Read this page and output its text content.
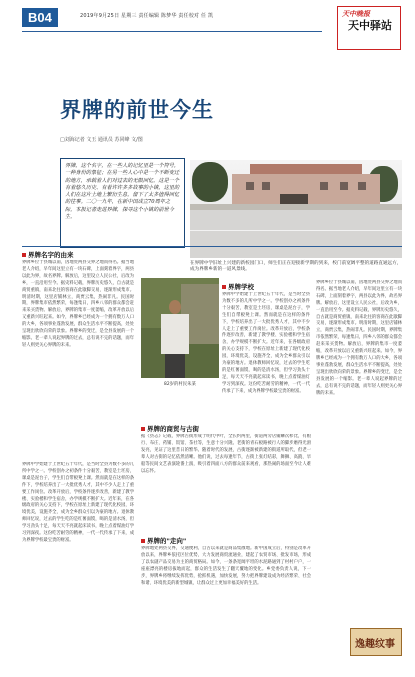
B04	2019年9月25日 星期三 责任编辑 陈梦华 责任校对 任 凯	天中晚报
天中驿站
界牌的前世今生
□刘海记者 文玉 通讯员 苏同峰 文/图
界牌，这个名字，在一些人的记忆里是一个符号，一种身份的象征；在另一些人心中是一个不断变迁的地方，承载着人们对过去的无限回忆。这是一个有着悠久历史、有着许许多多故事的小镇，这里的人们在这片土地上繁衍生息，留下了太多值得回忆的往事。二〇一九年，在新中国成立70周年之际，本报记者走进界牌，探寻这个小镇的前世今生。
在界牌中学旧址上兴建的新校园门口，师生们正在迎接新学期的到来，校门前宽阔平整的道路直通远方，成为界牌乡新的一道风景线。
界牌名字的由来
界牌乡位于县城以南，因地处两县交界之地而得名。据当地老人介绍，早年间这里立有一块石碑，上面刻着界字，两县以此为界，故名界牌。解放后，这里设立人民公社，后改为乡，一直沿用至今。据史料记载，界牌历史悠久，自古就是商贸重镇，南来北往的客商在此歇脚交易，逐渐形成集市。明清时期，这里店铺林立，商贾云集，热闹非凡。民国时期，界牌集市依然繁荣，每逢集日，四乡八邻的群众都会赶来采买货物。解放后，界牌的集市一度萎缩，改革开放以后又重新兴旺起来。如今，界牌乡已经成为一个拥有数万人口的大乡，各项事业蓬勃发展，群众生活水平不断提高，处处呈现出欣欣向荣的景象。界牌乡的变迁，是全县发展的一个缩影。老一辈人说起界牌的过去，总有说不完的话题，而年轻人则更关心界牌的未来。
82岁的村民朱某
界牌学校
界牌中学始建于上世纪五十年代，是当时全县为数不多的几所中学之一。学校创办之初条件十分艰苦，教室是土坯房，课桌是泥台子，学生们自带板凳上课。然而就是在这样的条件下，学校培养出了一大批优秀人才，其中不少人走上了重要工作岗位。改革开放后，学校条件逐步改善，新建了教学楼、实验楼和学生宿舍，办学规模不断扩大。近年来，在各级政府的关心支持下，学校在原址上新建了现代化校园，环境优美，设施齐全，成为全乡群众引以为豪的地方。退休教师回忆说，过去的学生吃的是红薯面馍，喝的是清水汤，但学习劲头十足，每天天不亮就起床读书，晚上点着煤油灯学习到深夜。这份吃苦耐劳的精神，一代一代传承了下来，成为界牌学校最宝贵的财富。
界牌的商贸与古街
据《县志》记载，界牌古街形成于明代中叶，全长约两里，街道两旁店铺鳞次栉比，有粮行、布庄、药铺、饭馆、茶社等，生意十分兴隆。老街的青石板路被行人的脚步磨得光滑发亮，见证了这里昔日的繁华。随着时代的发展，古街逐渐被新建的街道所取代，但老一辈人对古街的记忆依然清晰。他们说，过去每逢年节，古街上张灯结彩，舞狮、高跷、旱船等民间文艺表演轮番上演，吸引着四面八方的群众前来观看，那热闹的场面至今让人难以忘怀。
界牌的"走向"
界牌地处两县交界，交通便利，自古以来就是商品集散地。新中国成立后，特别是改革开放以来，界牌乡依托区位优势，大力发展商贸流通业，建起了农贸市场、批发市场，形成了以农副产品交易为主的商贸格局。如今，一条条宽阔平坦的水泥路通到了村村户户，一座座漂亮的楼房拔地而起，群众的生活发生了翻天覆地的变化。乡党委负责人说，下一步，界牌乡将继续发挥优势，抢抓机遇，加快发展，努力把界牌建设成为经济繁荣、社会和谐、环境优美的新型城镇，让群众过上更加幸福美好的生活。
界牌乡位于县城以南，因地处两县交界之地而得名。据当地老人介绍，早年间这里立有一块石碑，上面刻着界字，两县以此为界，故名界牌。解放后，这里设立人民公社，后改为乡，一直沿用至今。据史料记载，界牌历史悠久，自古就是商贸重镇，南来北往的客商在此歇脚交易，逐渐形成集市。明清时期，这里店铺林立，商贾云集，热闹非凡。民国时期，界牌集市依然繁荣，每逢集日，四乡八邻的群众都会赶来采买货物。解放后，界牌的集市一度萎缩，改革开放以后又重新兴旺起来。如今，界牌乡已经成为一个拥有数万人口的大乡，各项事业蓬勃发展，群众生活水平不断提高，处处呈现出欣欣向荣的景象。界牌乡的变迁，是全县发展的一个缩影。老一辈人说起界牌的过去，总有说不完的话题，而年轻人则更关心界牌的未来。
界牌中学始建于上世纪五十年代，是当时全县为数不多的几所中学之一。学校创办之初条件十分艰苦，教室是土坯房，课桌是泥台子，学生们自带板凳上课。然而就是在这样的条件下，学校培养出了一大批优秀人才，其中不少人走上了重要工作岗位。改革开放后，学校条件逐步改善，新建了教学楼、实验楼和学生宿舍，办学规模不断扩大。近年来，在各级政府的关心支持下，学校在原址上新建了现代化校园，环境优美，设施齐全，成为全乡群众引以为豪的地方。退休教师回忆说，过去的学生吃的是红薯面馍，喝的是清水汤，但学习劲头十足，每天天不亮就起床读书，晚上点着煤油灯学习到深夜。这份吃苦耐劳的精神，一代一代传承了下来，成为界牌学校最宝贵的财富。
逸趣纹事
